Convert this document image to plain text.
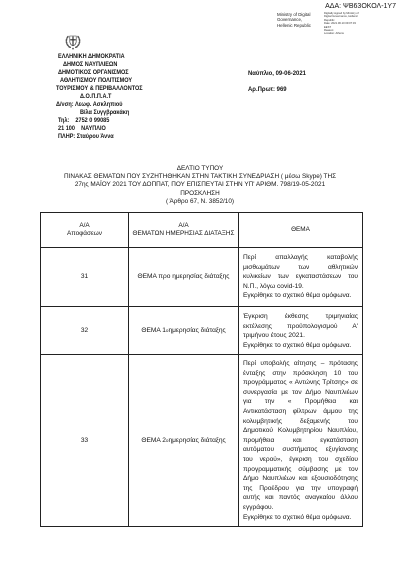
ΑΔΑ: ΨΒ63ΟΚΟΛ-1Υ7
Ministry of Digital
Governance,
Hellenic Republic
Digitally signed by Ministry of Digital Governance, Hellenic Republic
Date: 2021.06.10 09:07:33 EEST
Reason:
Location: Athens
ΕΛΛΗΝΙΚΗ ΔΗΜΟΚΡΑΤΙΑ
ΔΗΜΟΣ ΝΑΥΠΛΙΕΩΝ
ΔΗΜΟΤΙΚΟΣ ΟΡΓΑΝΙΣΜΟΣ
ΑΘΛΗΤΙΣΜΟΥ ΠΟΛΙΤΙΣΜΟΥ
ΤΟΥΡΙΣΜΟΥ & ΠΕΡΙΒΑΛΛΟΝΤΟΣ
Δ.Ο.Π.Π.Α.Τ
Δ/νση: Λεωφ. Ασκληπιού
Βίλα Συγγβρακάκη
Τηλ:    2752 0 99085
21 100    ΝΑΥΠΛΙΟ
ΠΛΗΡ: Σταύρου Άννα
Ναύπλιο, 09-06-2021
Αρ.Πρωτ: 969
ΔΕΛΤΙΟ ΤΥΠΟΥ
ΠΙΝΑΚΑΣ ΘΕΜΑΤΩΝ ΠΟΥ ΣΥΖΗΤΗΘΗΚΑΝ ΣΤΗΝ ΤΑΚΤΙΚΗ ΣΥΝΕΔΡΙΑΣΗ ( μέσω Skype) ΤΗΣ
27ης ΜΑΪΟΥ 2021 ΤΟΥ ΔΟΠΠΑΤ, ΠΟΥ ΕΠΙΣΠΕΥΤΑΙ ΣΤΗΝ ΥΠ' ΑΡΙΘΜ. 798/19-05-2021
ΠΡΟΣΚΛΗΣΗ
( Άρθρο 67, Ν. 3852/10)
Α/Α
Αποφάσεων
Α/Α
ΘΕΜΑΤΩΝ ΗΜΕΡΗΣΙΑΣ ΔΙΑΤΑΞΗΣ
ΘΕΜΑ
31	ΘΕΜΑ προ ημερησίας διάταξης
Περί απαλλαγής καταβολής
μισθωμάτων των αθλητικών
κυλικείων των εγκαταστάσεων του
Ν.Π., λόγω covid-19.
Εγκρίθηκε το σχετικό θέμα ομόφωνα.
32	ΘΕΜΑ 1 ο ημερησίας διάταξης
Έγκριση έκθεσης τριμηνιαίας
εκτέλεσης προϋπολογισμού Α'
τριμήνου έτους 2021.
Εγκρίθηκε το σχετικό θέμα ομόφωνα.
33	ΘΕΜΑ 2 ο ημερησίας διάταξης
Περί υποβολής αίτησης – πρότασης
ένταξης στην πρόσκληση 10 του
προγράμματος « Αντώνης Τρίτσης» σε
συνεργασία με τον Δήμο Ναυπλιέων
για την « Προμήθεια και
Αντικατάσταση φίλτρων άμμου της
κολυμβητικής δεξαμενής του
Δημοτικού Κολυμβητηρίου Ναυπλίου,
προμήθεια και εγκατάσταση
αυτόματου συστήματος εξυγίανσης
του νερού», έγκριση του σχεδίου
προγραμματικής σύμβασης με τον
Δήμο Ναυπλιέων και εξουσιοδότησης
της Προέδρου για την υπογραφή
αυτής και παντός αναγκαίου άλλου
εγγράφου.
Εγκρίθηκε το σχετικό θέμα ομόφωνα.
